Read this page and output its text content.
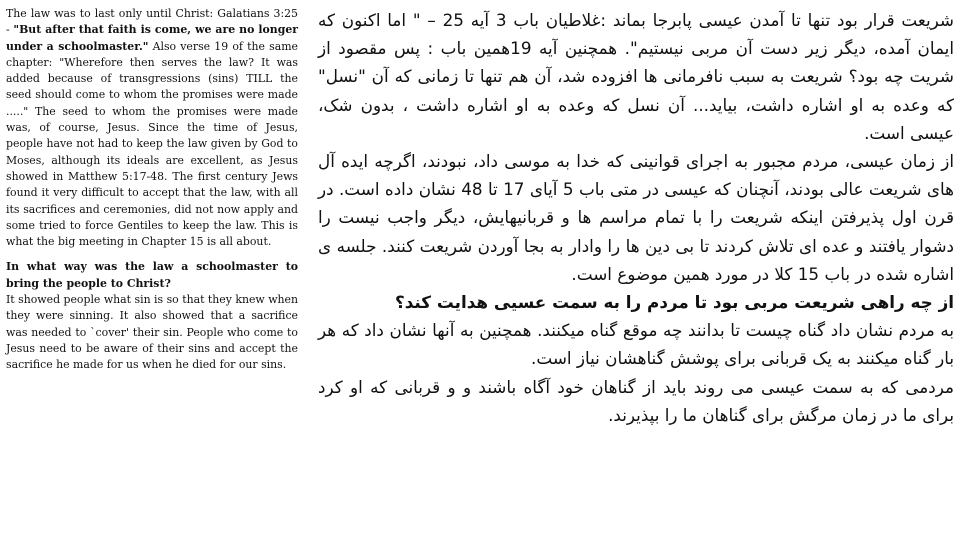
The law was to last only until Christ: Galatians 3:25 - "But after that faith is come, we are no longer under a schoolmaster." Also verse 19 of the same chapter: "Wherefore then serves the law? It was added because of transgressions (sins) TILL the seed should come to whom the promises were made ....." The seed to whom the promises were made was, of course, Jesus. Since the time of Jesus, people have not had to keep the law given by God to Moses, although its ideals are excellent, as Jesus showed in Matthew 5:17-48. The first century Jews found it very difficult to accept that the law, with all its sacrifices and ceremonies, did not now apply and some tried to force Gentiles to keep the law. This is what the big meeting in Chapter 15 is all about.

In what way was the law a schoolmaster to bring the people to Christ?
It showed people what sin is so that they knew when they were sinning. It also showed that a sacrifice was needed to `cover' their sin. People who come to Jesus need to be aware of their sins and accept the sacrifice he made for us when he died for our sins.

شریعت قرار بود تنها تا آمدن عیسی پابرجا بماند :غلاطیان باب 3 آیه 25 – " اما اکنون که ایمان آمده، دیگر زیر دست آن مربی نیستیم". همچنین آیه 19همین باب : پس مقصود از شریت چه بود؟ شریعت به سبب نافرمانی ها افزوده شد، آن هم تنها تا زمانی که آن "نسل" که وعده به او اشاره داشت، بیاید... آن نسل که وعده به او اشاره داشت ، بدون شک، عیسی است.

از زمان عیسی، مردم مجبور به اجرای قوانینی که خدا به موسی داد، نبودند، اگرچه ایده آل های شریعت عالی بودند، آنچنان که عیسی در متی باب 5 آیای 17 تا 48 نشان داده است. در قرن اول پذیرفتن اینکه شریعت را با تمام مراسم ها و قربانیهایش، دیگر واجب نیست را دشوار یافتند و عده ای تلاش کردند تا بی دین ها را وادار به بجا آوردن شریعت کنند. جلسه ی اشاره شده در باب 15 کلا در مورد همین موضوع است.

از چه راهی شریعت مربی بود تا مردم را به سمت عسیی هدایت کند؟

به مردم نشان داد گناه چیست تا بدانند چه موقع گناه میکنند. همچنین به آنها نشان داد که هر بار گناه میکنند به یک قربانی برای پوشش گناهشان نیاز است.

مردمی که به سمت عیسی می روند باید از گناهان خود آگاه باشند و و قربانی که او کرد برای ما در زمان مرگش برای گناهان ما را بپذیرند.
